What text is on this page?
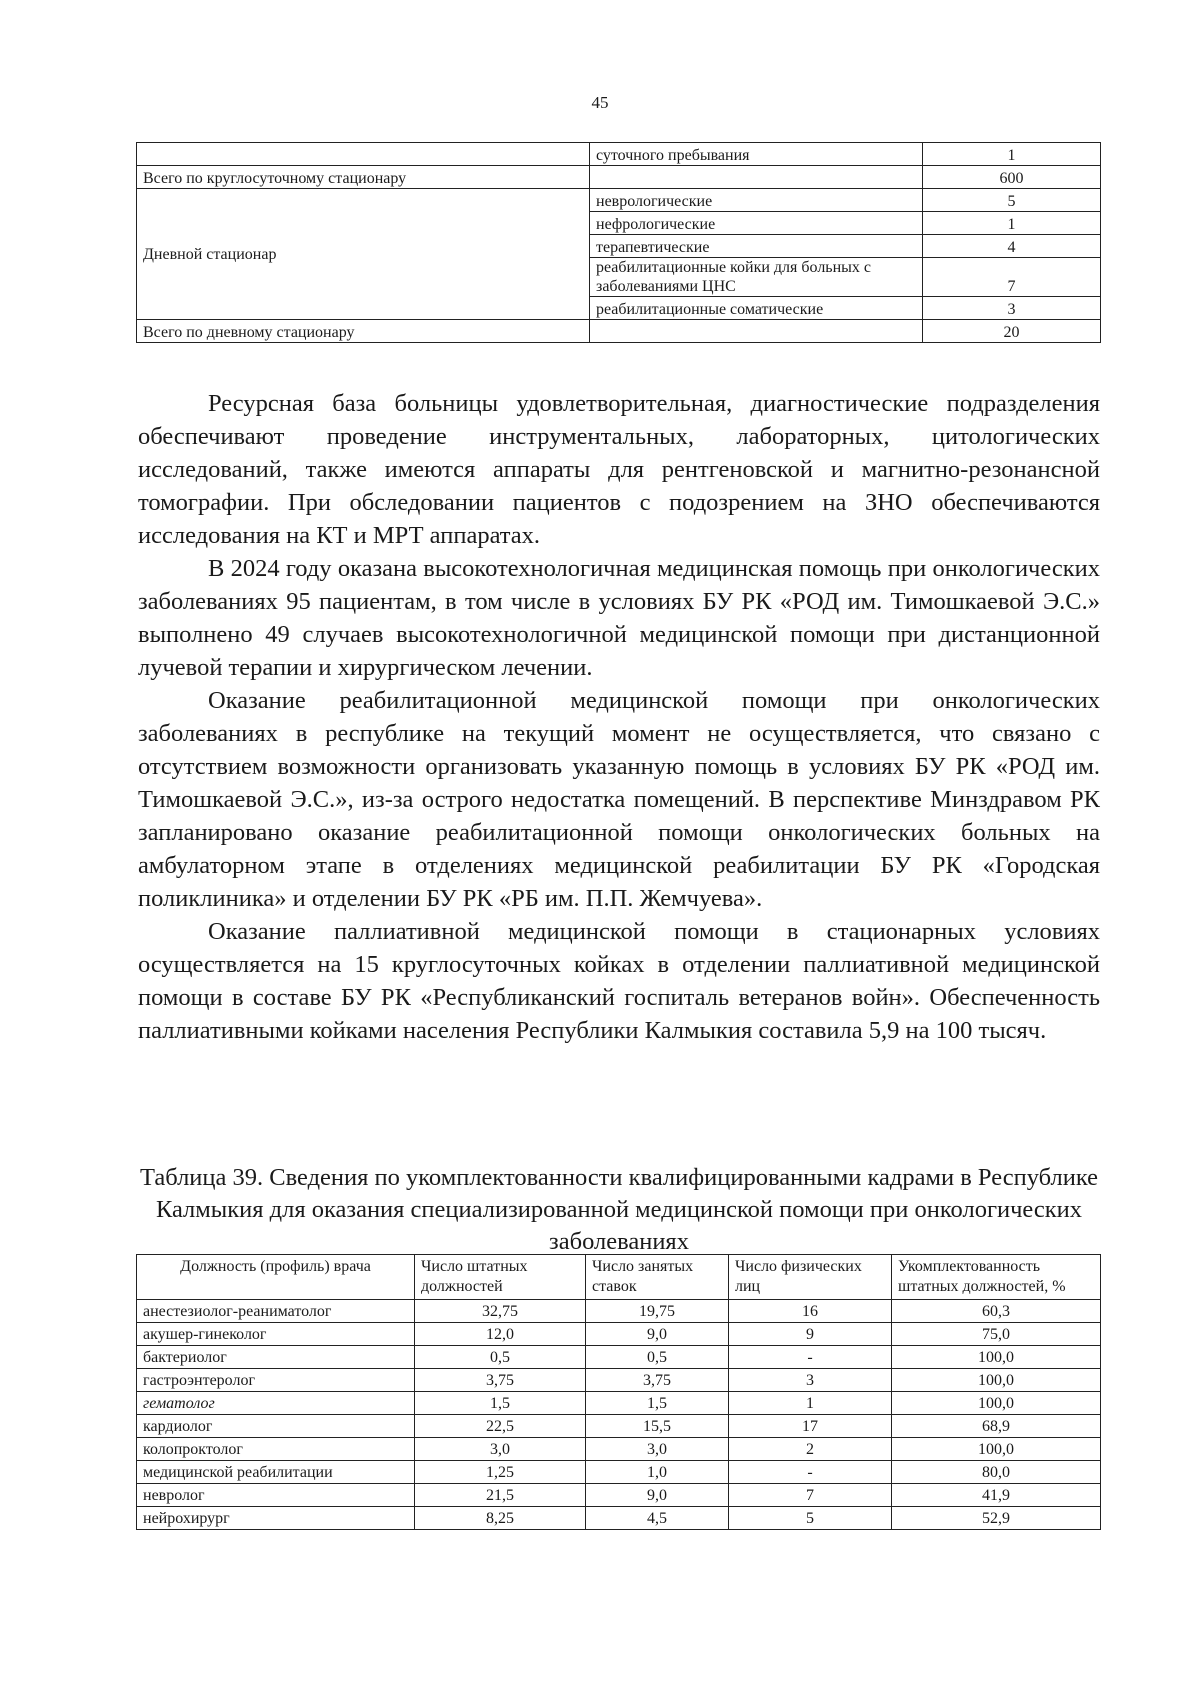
45
	суточного пребывания	1
Всего по круглосуточному стационару		600
Дневной стационар	неврологические	5
	нефрологические	1
	терапевтические	4
	реабилитационные койки для больных с заболеваниями ЦНС	7
	реабилитационные соматические	3
Всего по дневному стационару		20

Ресурсная база больницы удовлетворительная, диагностические подразделения обеспечивают проведение инструментальных, лабораторных, цитологических исследований, также имеются аппараты для рентгеновской и магнитно-резонансной томографии. При обследовании пациентов с подозрением на ЗНО обеспечиваются исследования на КТ и МРТ аппаратах.

В 2024 году оказана высокотехнологичная медицинская помощь при онкологических заболеваниях 95 пациентам, в том числе в условиях БУ РК «РОД им. Тимошкаевой Э.С.» выполнено 49 случаев высокотехнологичной медицинской помощи при дистанционной лучевой терапии и хирургическом лечении.

Оказание реабилитационной медицинской помощи при онкологических заболеваниях в республике на текущий момент не осуществляется, что связано с отсутствием возможности организовать указанную помощь в условиях БУ РК «РОД им. Тимошкаевой Э.С.», из-за острого недостатка помещений. В перспективе Минздравом РК запланировано оказание реабилитационной помощи онкологических больных на амбулаторном этапе в отделениях медицинской реабилитации БУ РК «Городская поликлиника» и отделении БУ РК «РБ им. П.П. Жемчуева».

Оказание паллиативной медицинской помощи в стационарных условиях осуществляется на 15 круглосуточных койках в отделении паллиативной медицинской помощи в составе БУ РК «Республиканский госпиталь ветеранов войн». Обеспеченность паллиативными койками населения Республики Калмыкия составила 5,9 на 100 тысяч.

Таблица 39. Сведения по укомплектованности квалифицированными кадрами в Республике Калмыкия для оказания специализированной медицинской помощи при онкологических заболеваниях
Должность (профиль) врача	Число штатных должностей	Число занятых ставок	Число физических лиц	Укомплектованность штатных должностей, %
анестезиолог-реаниматолог	32,75	19,75	16	60,3
акушер-гинеколог	12,0	9,0	9	75,0
бактериолог	0,5	0,5	-	100,0
гастроэнтеролог	3,75	3,75	3	100,0
гематолог	1,5	1,5	1	100,0
кардиолог	22,5	15,5	17	68,9
колопроктолог	3,0	3,0	2	100,0
медицинской реабилитации	1,25	1,0	-	80,0
невролог	21,5	9,0	7	41,9
нейрохирург	8,25	4,5	5	52,9
